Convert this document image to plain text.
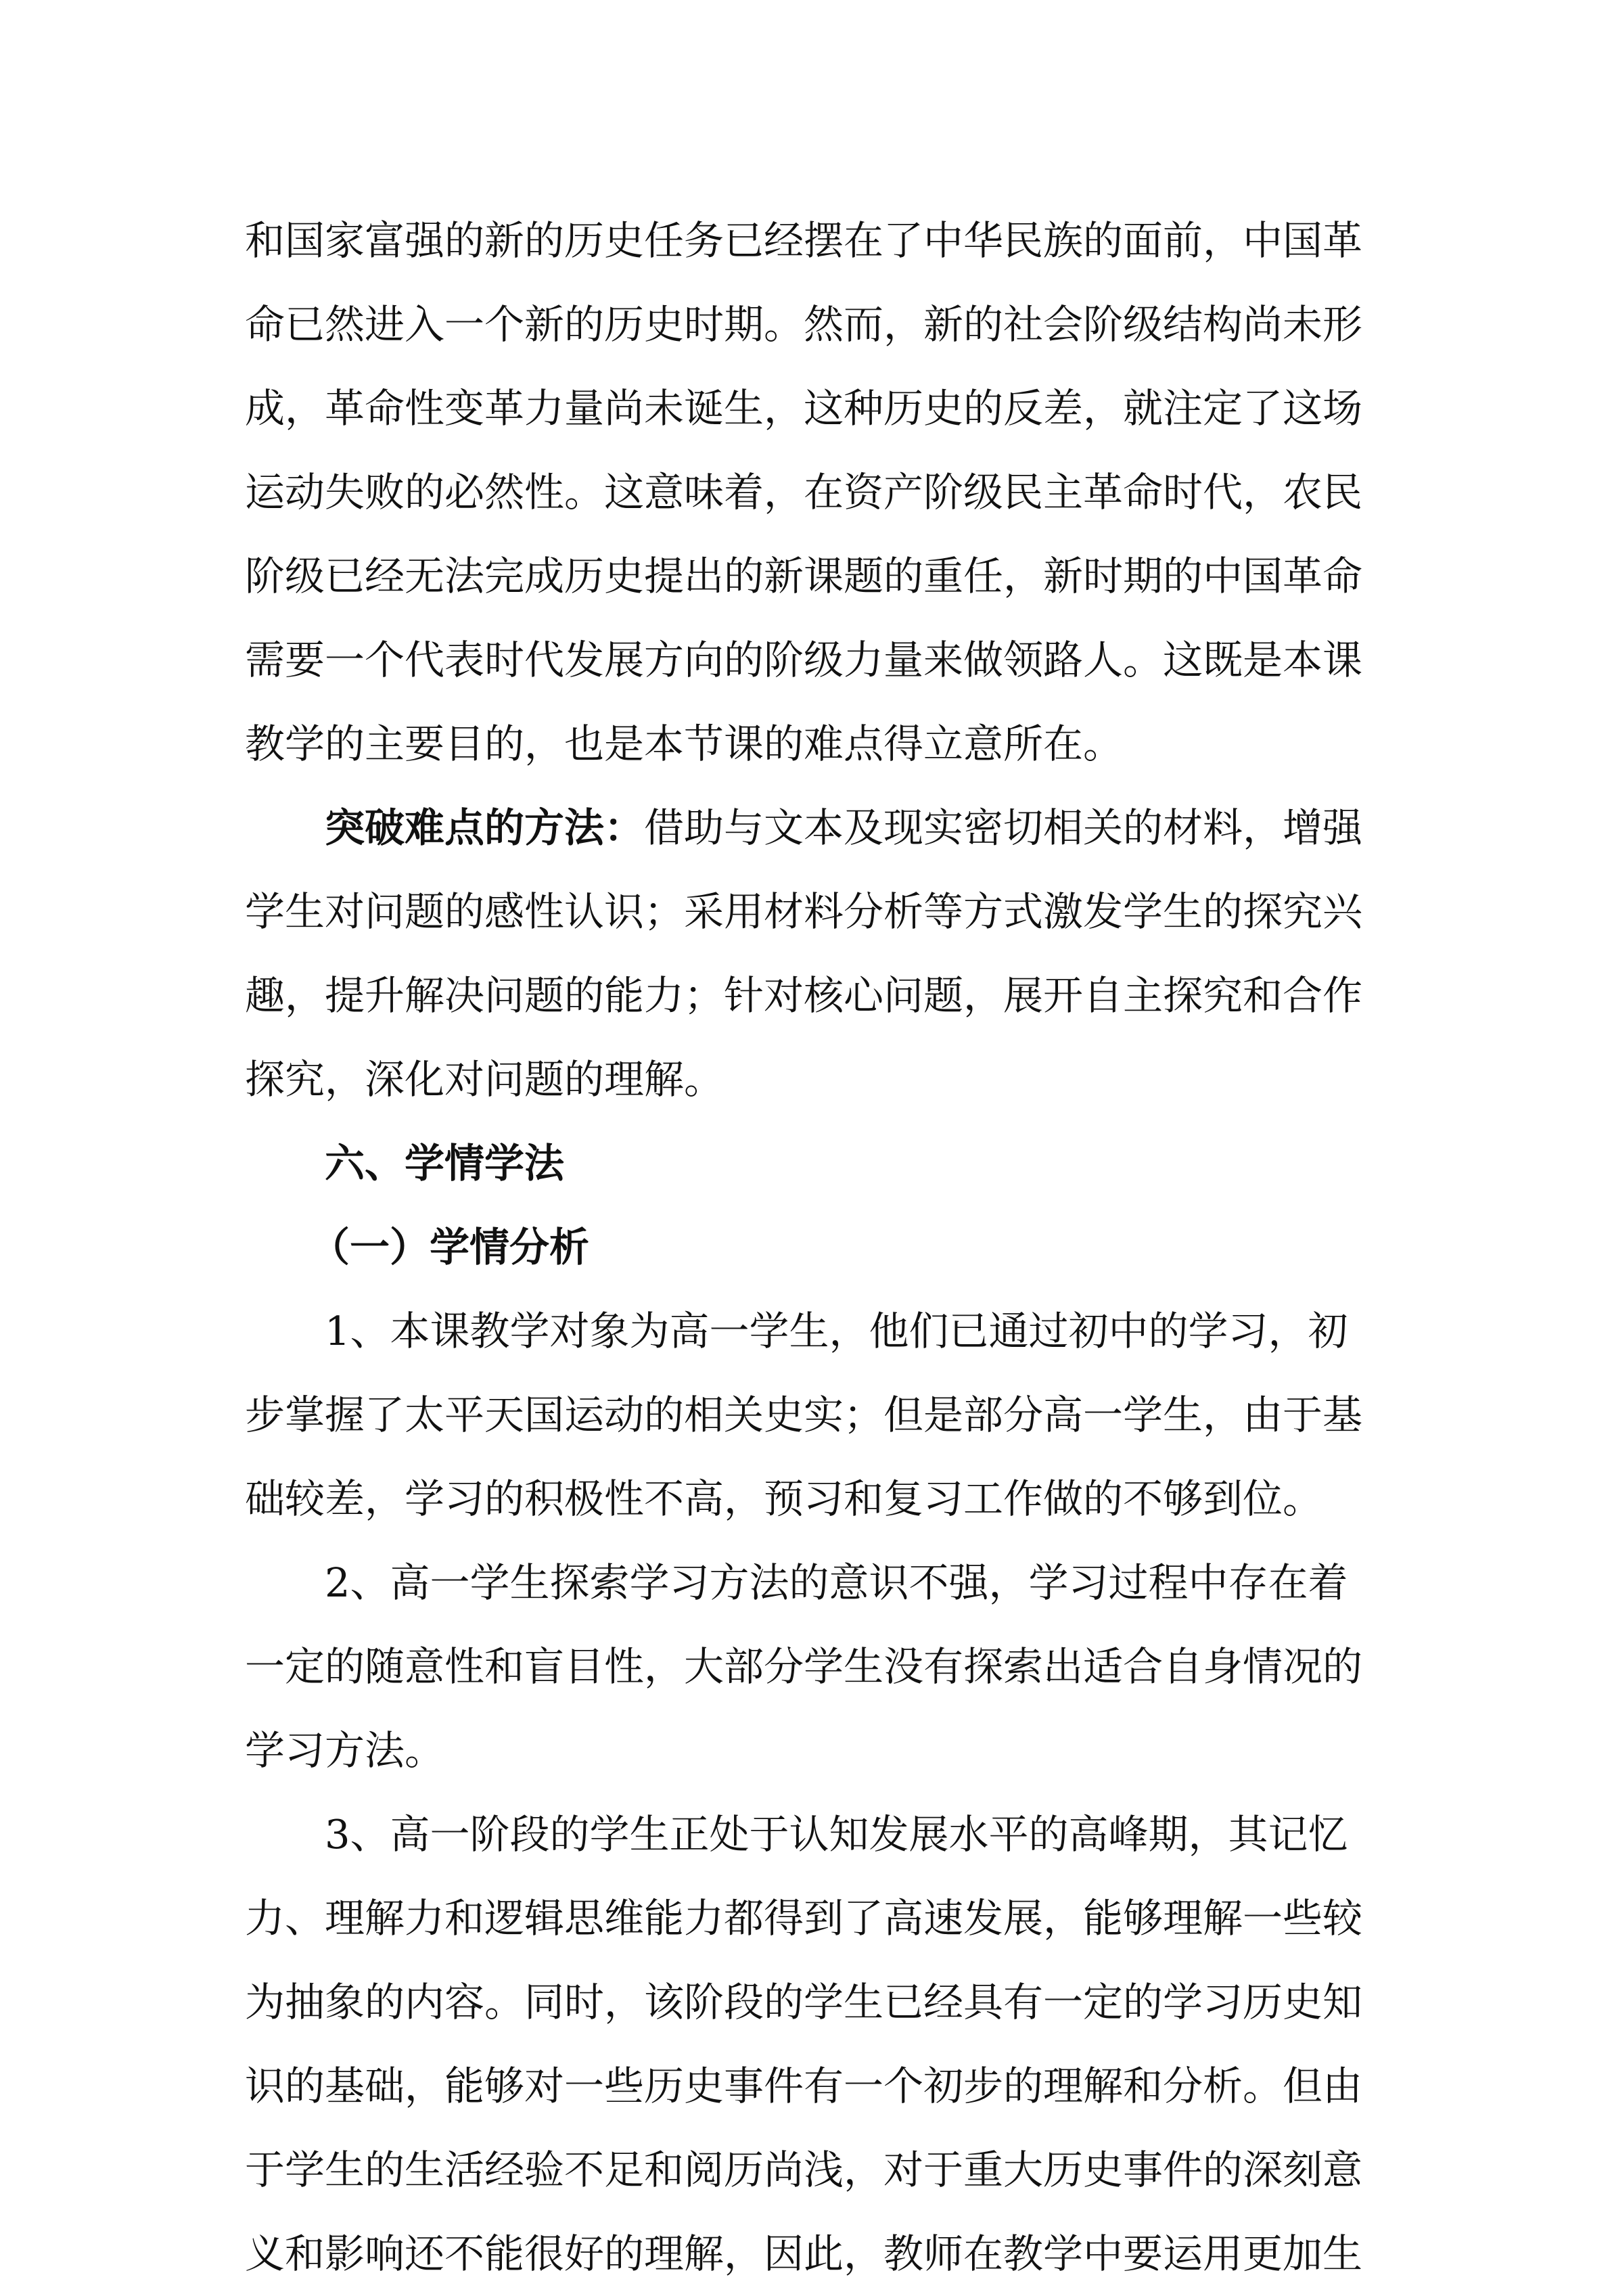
和国家富强的新的历史任务已经摆在了中华民族的面前，中国革
命已然进入一个新的历史时期。然而，新的社会阶级结构尚未形
成，革命性变革力量尚未诞生，这种历史的反差，就注定了这场
运动失败的必然性。这意味着，在资产阶级民主革命时代，农民
阶级已经无法完成历史提出的新课题的重任，新时期的中国革命
需要一个代表时代发展方向的阶级力量来做领路人。这既是本课
教学的主要目的，也是本节课的难点得立意所在。
突破难点的方法：借助与文本及现实密切相关的材料，增强
学生对问题的感性认识；采用材料分析等方式激发学生的探究兴
趣，提升解决问题的能力；针对核心问题，展开自主探究和合作
探究，深化对问题的理解。
六、学情学法
（一）学情分析
1、本课教学对象为高一学生，他们已通过初中的学习，初
步掌握了太平天国运动的相关史实；但是部分高一学生，由于基
础较差，学习的积极性不高，预习和复习工作做的不够到位。
2、高一学生探索学习方法的意识不强，学习过程中存在着
一定的随意性和盲目性，大部分学生没有探索出适合自身情况的
学习方法。
3、高一阶段的学生正处于认知发展水平的高峰期，其记忆
力、理解力和逻辑思维能力都得到了高速发展，能够理解一些较
为抽象的内容。同时，该阶段的学生已经具有一定的学习历史知
识的基础，能够对一些历史事件有一个初步的理解和分析。但由
于学生的生活经验不足和阅历尚浅，对于重大历史事件的深刻意
义和影响还不能很好的理解，因此，教师在教学中要运用更加生
